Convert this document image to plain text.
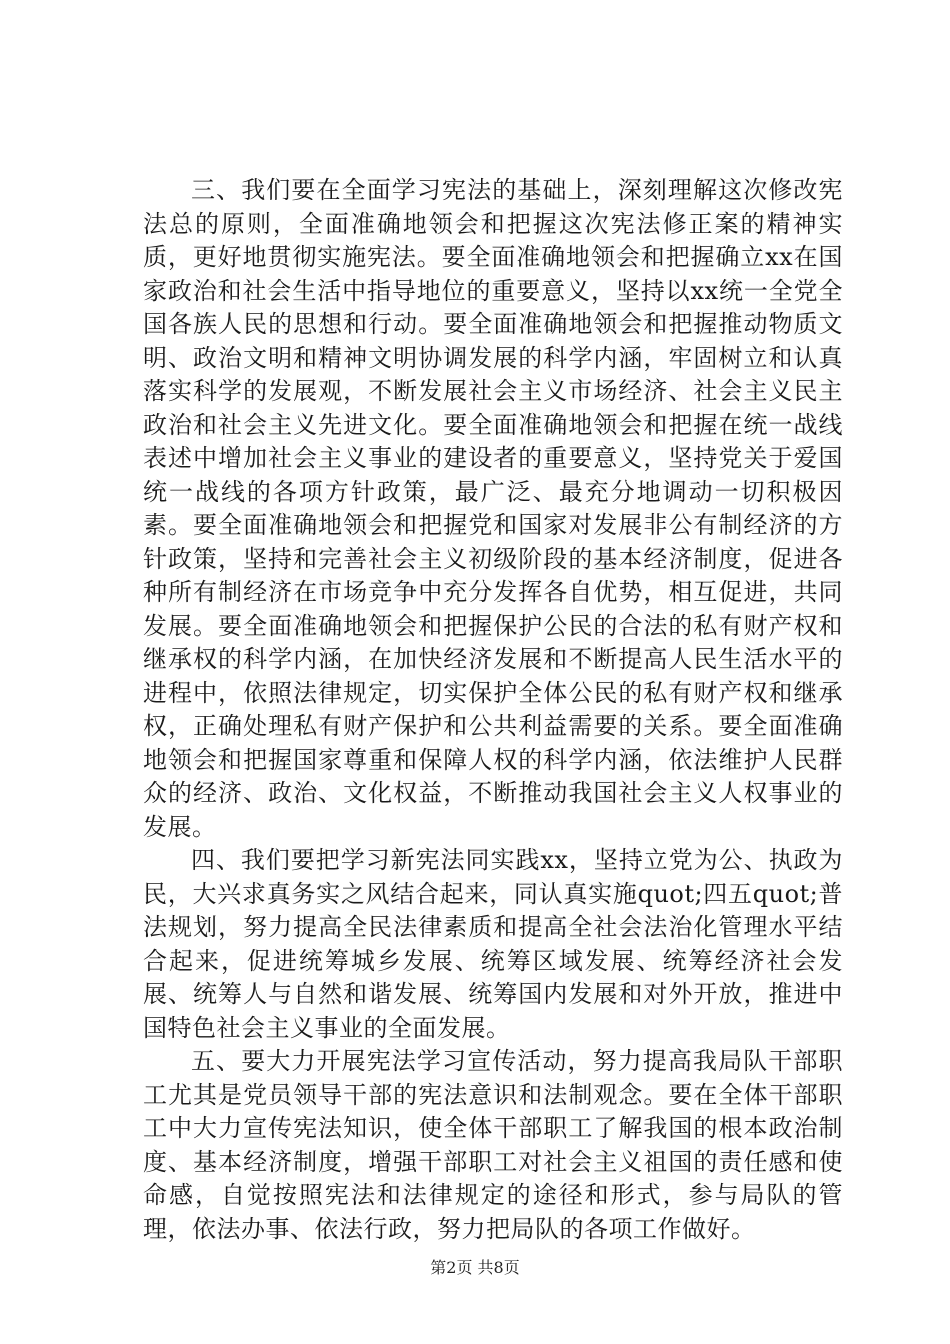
三、我们要在全面学习宪法的基础上，深刻理解这次修改宪法总的原则，全面准确地领会和把握这次宪法修正案的精神实质，更好地贯彻实施宪法。要全面准确地领会和把握确立xx在国家政治和社会生活中指导地位的重要意义，坚持以xx统一全党全国各族人民的思想和行动。要全面准确地领会和把握推动物质文明、政治文明和精神文明协调发展的科学内涵，牢固树立和认真落实科学的发展观，不断发展社会主义市场经济、社会主义民主政治和社会主义先进文化。要全面准确地领会和把握在统一战线表述中增加社会主义事业的建设者的重要意义，坚持党关于爱国统一战线的各项方针政策，最广泛、最充分地调动一切积极因素。要全面准确地领会和把握党和国家对发展非公有制经济的方针政策，坚持和完善社会主义初级阶段的基本经济制度，促进各种所有制经济在市场竞争中充分发挥各自优势，相互促进，共同发展。要全面准确地领会和把握保护公民的合法的私有财产权和继承权的科学内涵，在加快经济发展和不断提高人民生活水平的进程中，依照法律规定，切实保护全体公民的私有财产权和继承权，正确处理私有财产保护和公共利益需要的关系。要全面准确地领会和把握国家尊重和保障人权的科学内涵，依法维护人民群众的经济、政治、文化权益，不断推动我国社会主义人权事业的发展。

四、我们要把学习新宪法同实践xx，坚持立党为公、执政为民，大兴求真务实之风结合起来，同认真实施quot;四五quot;普法规划，努力提高全民法律素质和提高全社会法治化管理水平结合起来，促进统筹城乡发展、统筹区域发展、统筹经济社会发展、统筹人与自然和谐发展、统筹国内发展和对外开放，推进中国特色社会主义事业的全面发展。

五、要大力开展宪法学习宣传活动，努力提高我局队干部职工尤其是党员领导干部的宪法意识和法制观念。要在全体干部职工中大力宣传宪法知识，使全体干部职工了解我国的根本政治制度、基本经济制度，增强干部职工对社会主义祖国的责任感和使命感，自觉按照宪法和法律规定的途径和形式，参与局队的管理，依法办事、依法行政，努力把局队的各项工作做好。

第2页 共8页
